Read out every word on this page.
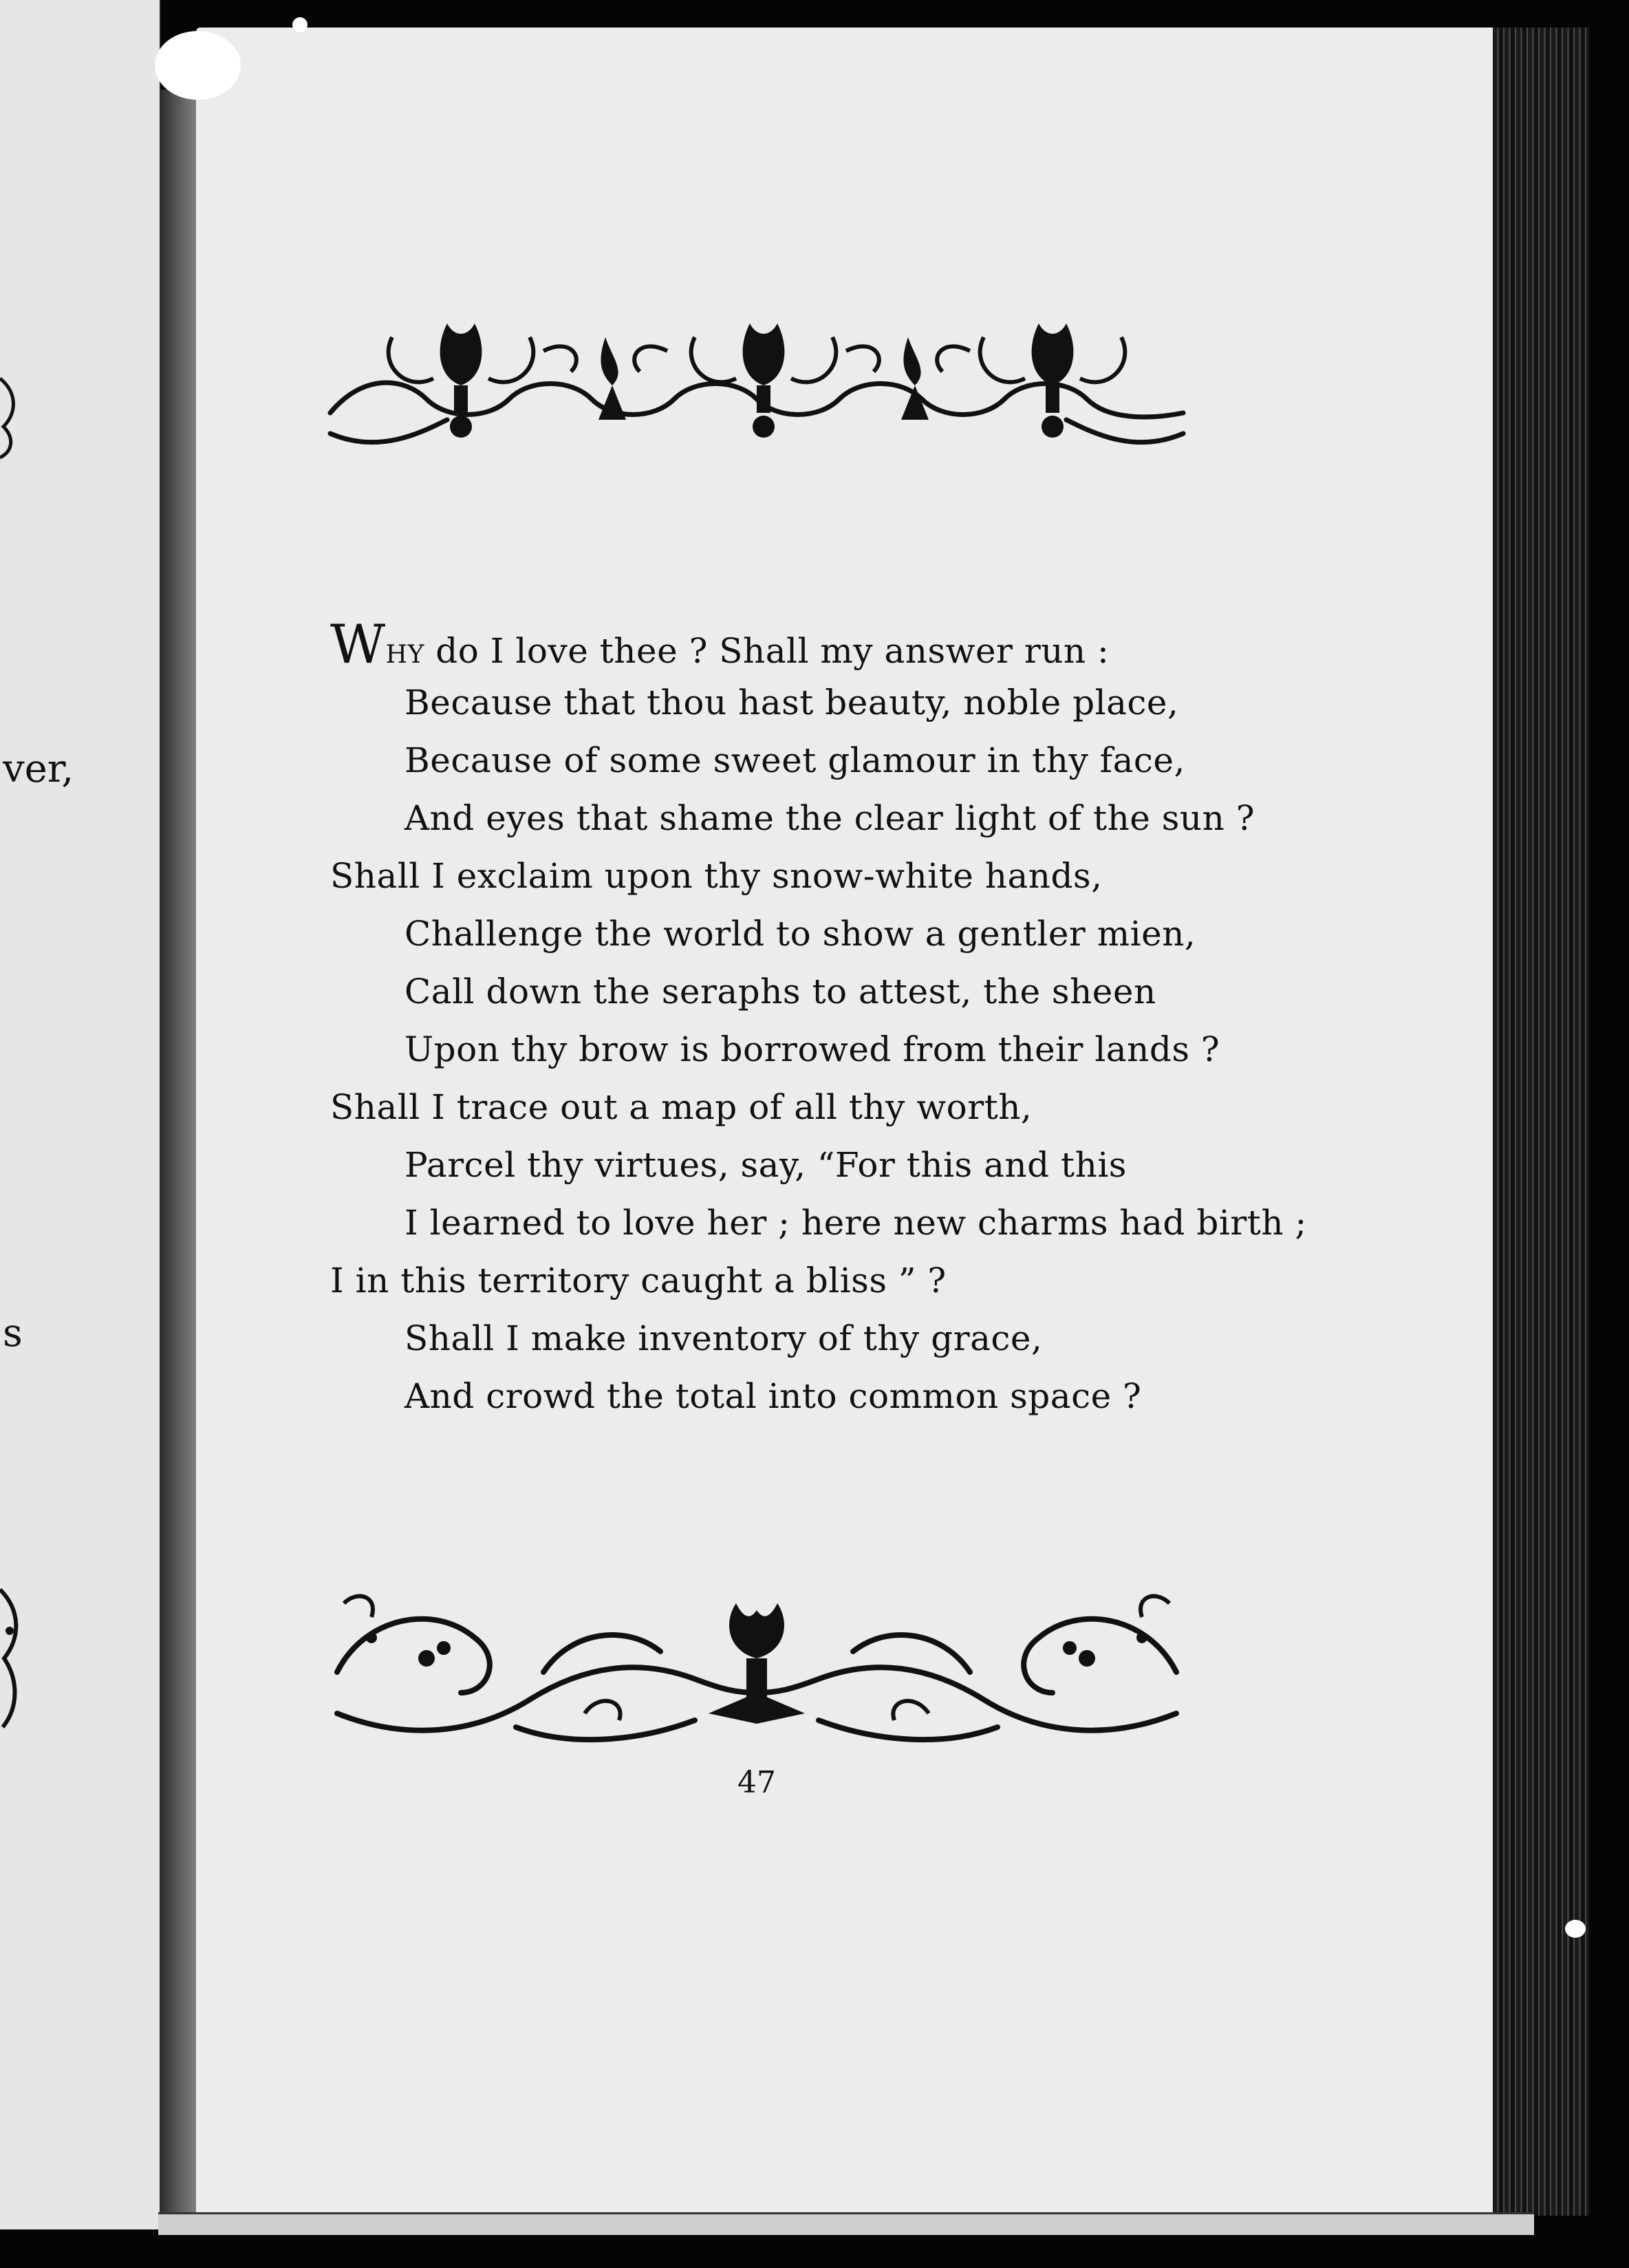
ver,
s
WHY do I love thee ? Shall my answer run :
Because that thou hast beauty, noble place,
Because of some sweet glamour in thy face,
And eyes that shame the clear light of the sun ?
Shall I exclaim upon thy snow-white hands,
Challenge the world to show a gentler mien,
Call down the seraphs to attest, the sheen
Upon thy brow is borrowed from their lands ?
Shall I trace out a map of all thy worth,
Parcel thy virtues, say, “For this and this
I learned to love her ; here new charms had birth ;
I in this territory caught a bliss ” ?
Shall I make inventory of thy grace,
And crowd the total into common space ?
47
